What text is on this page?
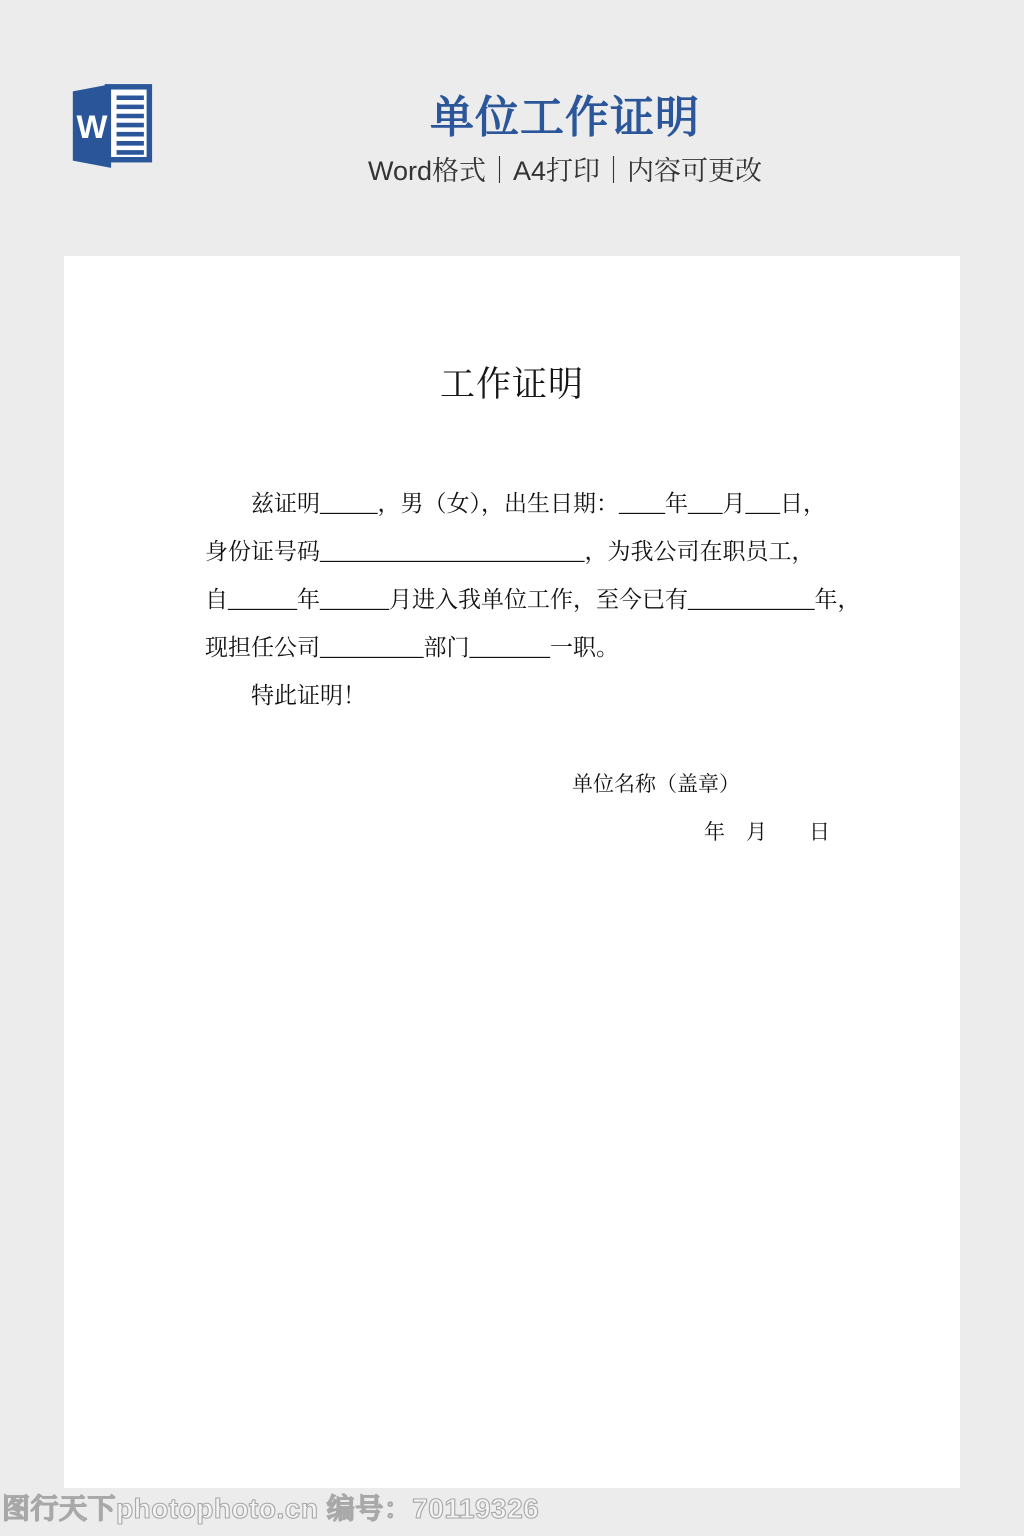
W	单位工作证明
Word格式｜A4打印｜内容可更改
工作证明
兹证明_____，男（女），出生日期：____年___月___日，
身份证号码_______________________，为我公司在职员工，
自______年______月进入我单位工作，至今已有___________年，
现担任公司_________部门_______一职。
特此证明！
单位名称（盖章）
年　月　　日
图行天下photophoto.cn 编号：70119326
